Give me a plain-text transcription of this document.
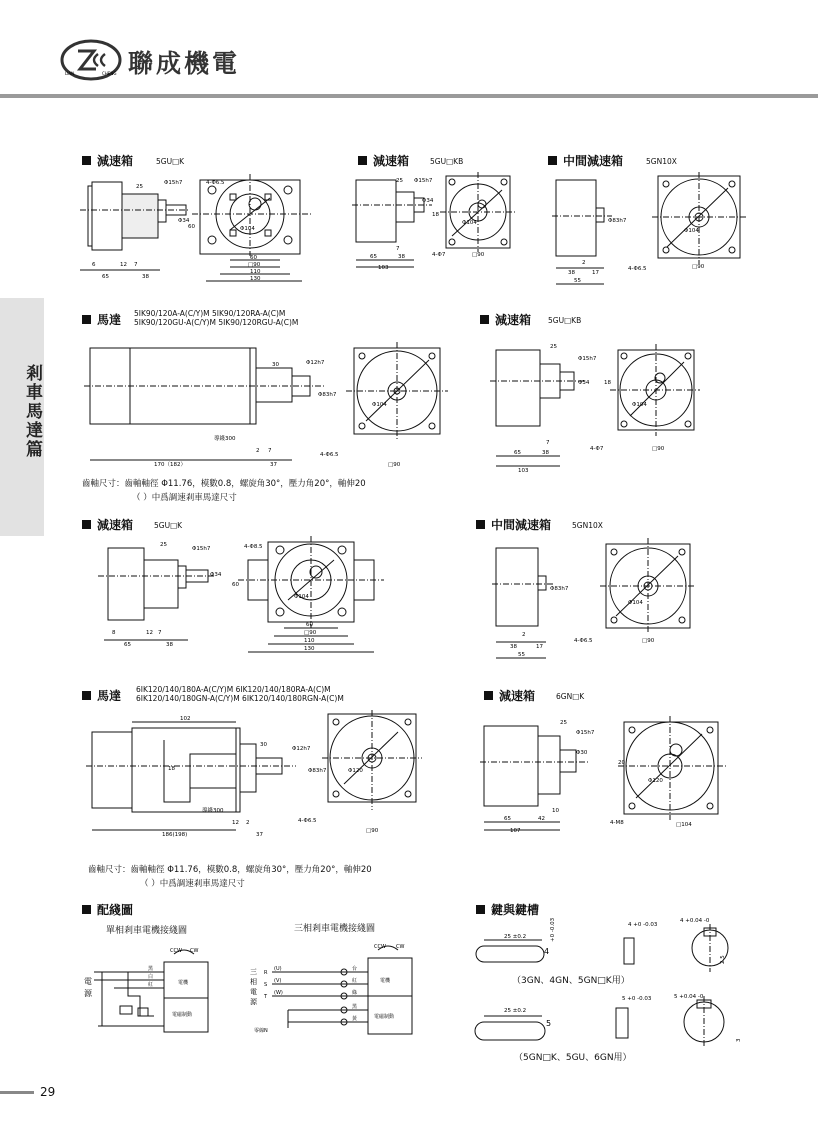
LIAN	CHENG 聯成機電
剎車馬達篇
減速箱	5GU□K	減速箱	5GU□KB	中間減速箱	5GN10X
25
Φ15h7	4-Φ6.5
Φ34
60	Φ104
6	12 7
65	38
60
□90
110
130
25 Φ15h7
Φ34
18
7
65	38
103
4-Φ7	□90
Φ104	Φ83h7
2
38	17
55
4-Φ6.5	□90
Φ104
馬達 5IK90/120A-A(C/Y)M 5IK90/120RA-A(C)M
5IK90/120GU-A(C/Y)M 5IK90/120RGU-A(C)M	減速箱 5GU□KB
30	Φ12h7
Φ83h7
Φ104
導綫300
170（182）
2 7
37
4-Φ6.5
□90
25
Φ15h7
Φ34	18
7
65	38
103
4-Φ7	□90
Φ104
齒軸尺寸：齒軸軸徑 Φ11.76，模數0.8，螺旋角30°，壓力角20°，軸伸20
（ ）中爲調速剎車馬達尺寸
減速箱	5GU□K	中間減速箱	5GN10X
25
Φ15h7
Φ34
4-Φ8.5
60
Φ104
8	12 7
65	38
60
□90
110
130
Φ83h7
2
38	17
55
4-Φ6.5	□90
Φ104
馬達 6IK120/140/180A-A(C/Y)M 6IK120/140/180RA-A(C)M
6IK120/140/180GN-A(C/Y)M 6IK120/140/180RGN-A(C)M	減速箱	6GN□K
102
30
Φ12h7
Φ83h7
18	Φ120
導綫300
186(198)
12 2
37
4-Φ6.5
□90
25
Φ15h7
Φ30
20
10
65	42
107
4-M8	□104
Φ120
齒軸尺寸：齒軸軸徑 Φ11.76，模數0.8，螺旋角30°，壓力角20°，軸伸20
（ ）中爲調速剎車馬達尺寸
配綫圖
單相剎車電機接綫圖	三相剎車電機接綫圖
CCW CW
電機
電磁制動
黑
白
紅
電
源
CCW CW
電機
電磁制動
(U)
(V)
(W)
R
S
T
台
紅
綠
黑
黃
零線N
三
相
電
源
鍵與鍵槽
25 ±0.2
4
+0 -0.03	4 +0 -0.03
4 +0.04 -0
2.5
25 ±0.2
5
5 +0 -0.03	5 +0.04 -0
3
（3GN、4GN、5GN□K用）
（5GN□K、5GU、6GN用）
29
